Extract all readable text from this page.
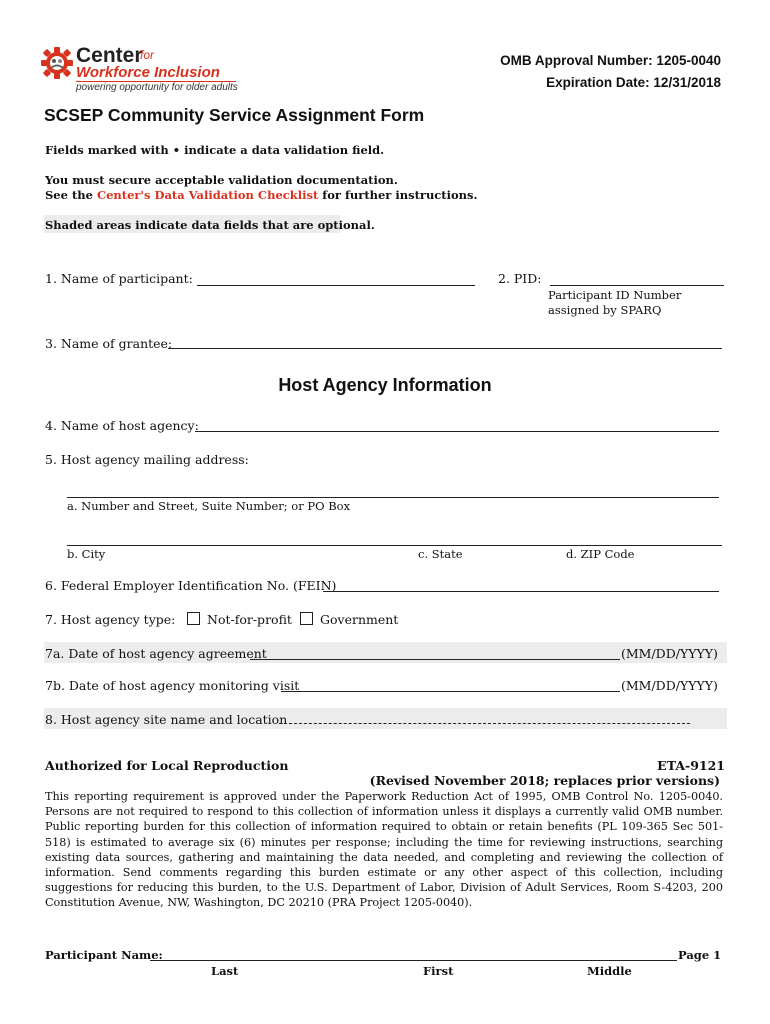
Center
for
Workforce Inclusion
powering opportunity for older adults
OMB Approval Number: 1205-0040
Expiration Date: 12/31/2018
SCSEP Community Service Assignment Form
Fields marked with • indicate a data validation field.
You must secure acceptable validation documentation.
See the Center's Data Validation Checklist for further instructions.
Shaded areas indicate data fields that are optional.
1. Name of participant:	2. PID:
Participant ID Number
assigned by SPARQ
3. Name of grantee:
Host Agency Information
4. Name of host agency:
5. Host agency mailing address:
a. Number and Street, Suite Number; or PO Box
b. City	c. State	d. ZIP Code
6. Federal Employer Identification No. (FEIN)
7. Host agency type:	Not-for-profit Government
7a. Date of host agency agreement	(MM/DD/YYYY)
7b. Date of host agency monitoring visit	(MM/DD/YYYY)
8. Host agency site name and location
Authorized for Local Reproduction	ETA-9121
(Revised November 2018; replaces prior versions)
This reporting requirement is approved under the Paperwork Reduction Act of 1995, OMB Control No. 1205-0040. Persons are not required to respond to this collection of information unless it displays a currently valid OMB number. Public reporting burden for this collection of information required to obtain or retain benefits (PL 109-365 Sec 501-518) is estimated to average six (6) minutes per response; including the time for reviewing instructions, searching existing data sources, gathering and maintaining the data needed, and completing and reviewing the collection of information. Send comments regarding this burden estimate or any other aspect of this collection, including suggestions for reducing this burden, to the U.S. Department of Labor, Division of Adult Services, Room S-4203, 200 Constitution Avenue, NW, Washington, DC 20210 (PRA Project 1205-0040).
Participant Name:	Page 1
Last	First	Middle
